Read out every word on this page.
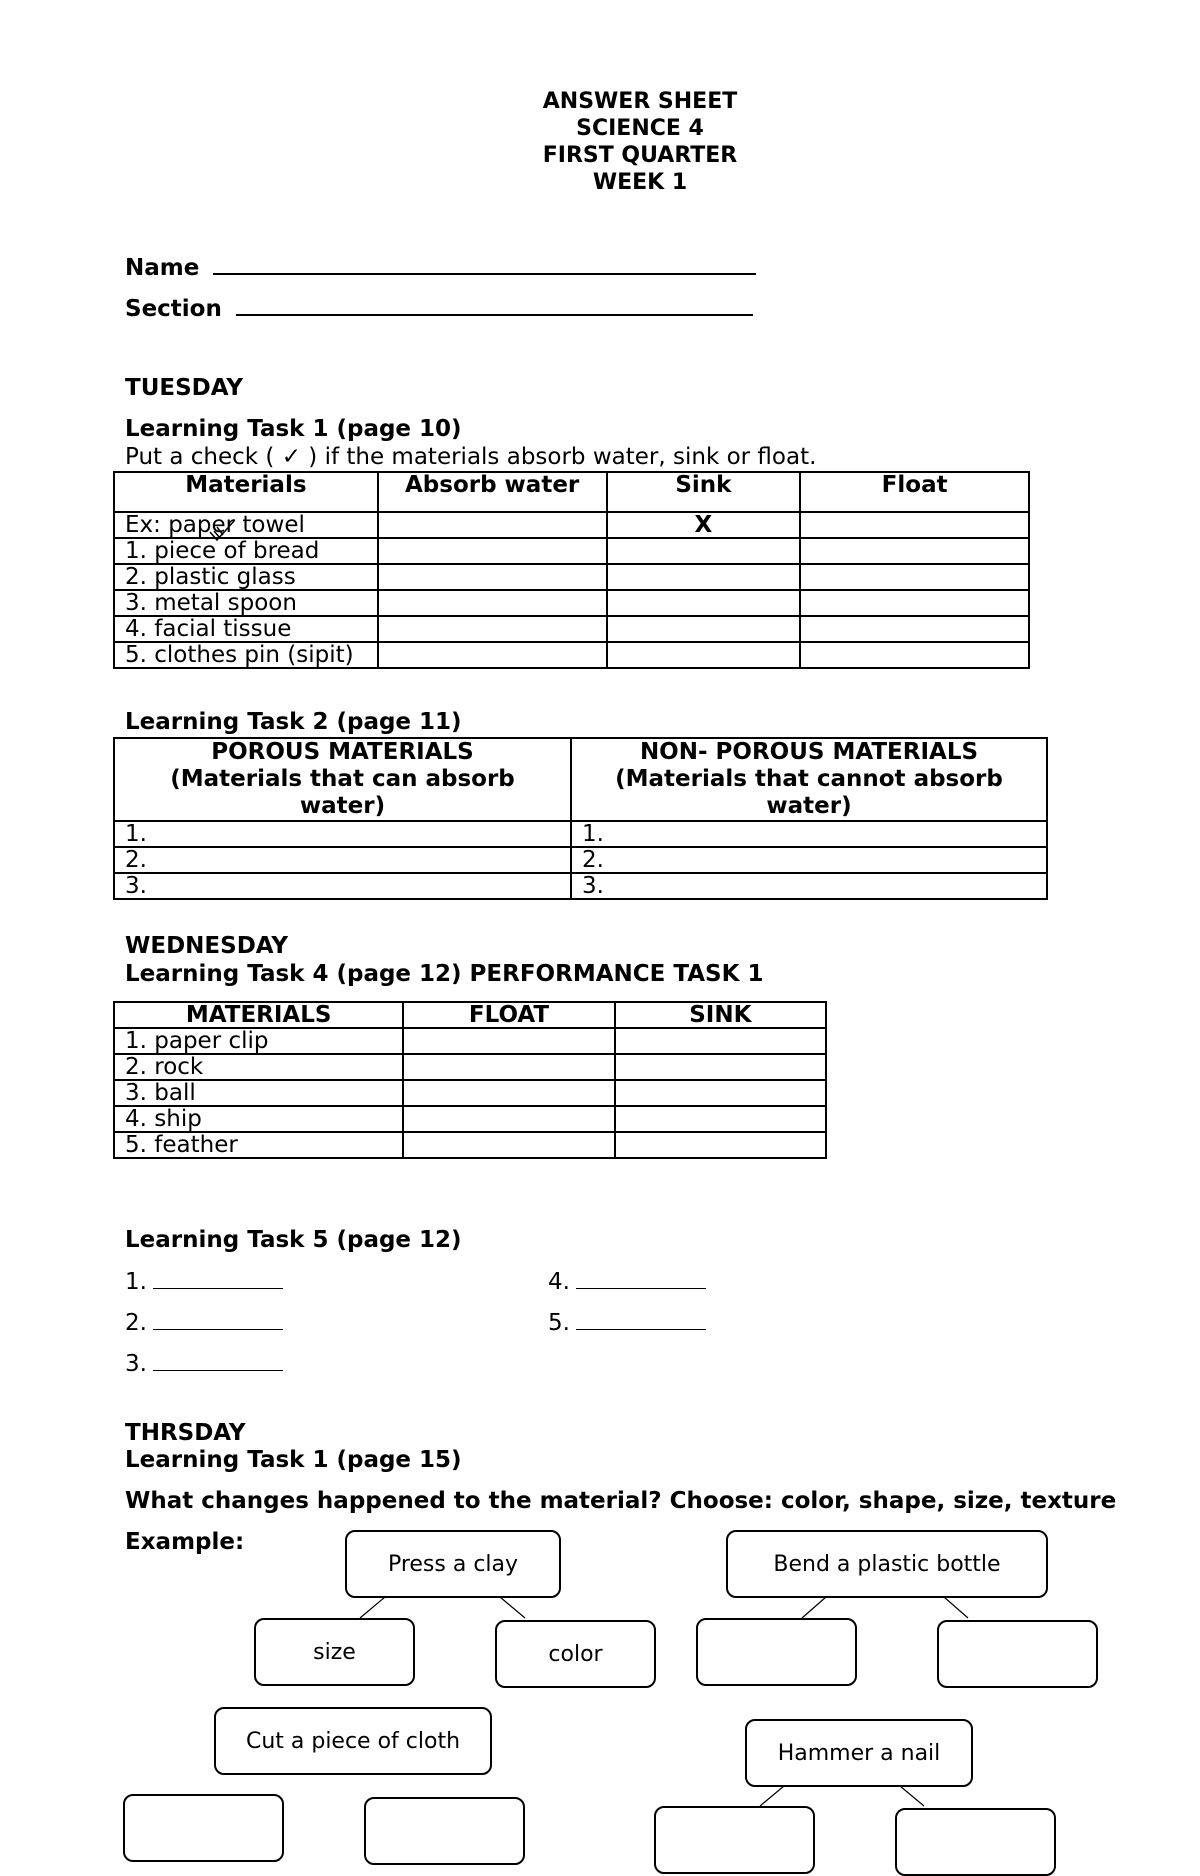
ANSWER SHEET
SCIENCE 4
FIRST QUARTER
WEEK 1
Name
Section
TUESDAY
Learning Task 1 (page 10)
Put a check ( ✓ ) if the materials absorb water, sink or float.
Materials	Absorb water	Sink	Float
Ex: paper towel		X	
1. piece of bread			
2. plastic glass			
3. metal spoon			
4. facial tissue			
5. clothes pin (sipit)			
Learning Task 2 (page 11)
POROUS MATERIALS (Materials that can absorb water)	NON- POROUS MATERIALS (Materials that cannot absorb water)
1.	1.
2.	2.
3.	3.
WEDNESDAY
Learning Task 4 (page 12) PERFORMANCE TASK 1
MATERIALS	FLOAT	SINK
1. paper clip		
2. rock		
3. ball		
4. ship		
5. feather		
Learning Task 5 (page 12)
1.
2.
3.
4.
5.
THRSDAY
Learning Task 1 (page 15)
What changes happened to the material? Choose: color, shape, size, texture
Example:
Press a clay
size	color
Bend a plastic bottle
Cut a piece of cloth	Hammer a nail
